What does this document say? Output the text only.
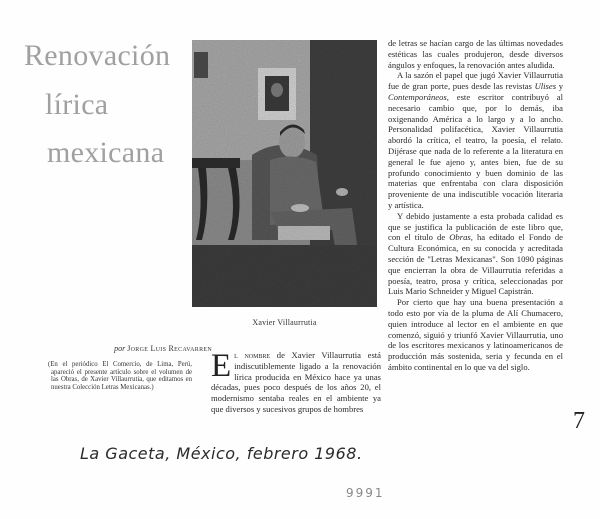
Renovación
lírica
mexicana
Xavier Villaurrutia
por Jorge Luis Recavarren

(En el periódico El Comercio, de Lima, Perú, apareció el presente artículo sobre el volumen de las Obras, de Xavier Villaurrutia, que editamos en nuestra Colección Letras Mexicanas.)

El nombre de Xavier Villaurrutia está indiscutiblemente ligado a la renovación lírica producida en México hace ya unas décadas, pues poco después de los años 20, el modernismo sentaba reales en el ambiente ya que diversos y sucesivos grupos de hombres

de letras se hacían cargo de las últimas novedades estéticas las cuales produjeron, desde diversos ángulos y enfoques, la renovación antes aludida.

A la sazón el papel que jugó Xavier Villaurrutia fue de gran porte, pues desde las revistas Ulises y Contemporáneos, este escritor contribuyó al necesario cambio que, por lo demás, iba oxigenando América a lo largo y a lo ancho. Personalidad polifacética, Xavier Villaurrutia abordó la crítica, el teatro, la poesía, el relato. Dijérase que nada de lo referente a la literatura en general le fue ajeno y, antes bien, fue de su profundo conocimiento y buen dominio de las materias que enfrentaba con clara disposición proveniente de una indiscutible vocación literaria y artística.

Y debido justamente a esta probada calidad es que se justifica la publicación de este libro que, con el título de Obras, ha editado el Fondo de Cultura Económica, en su conocida y acreditada sección de "Letras Mexicanas". Son 1090 páginas que encierran la obra de Villaurrutia referidas a poesía, teatro, prosa y crítica, seleccionadas por Luis Mario Schneider y Miguel Capistrán.

Por cierto que hay una buena presentación a todo esto por vía de la pluma de Alí Chumacero, quien introduce al lector en el ambiente en que comenzó, siguió y triunfó Xavier Villaurrutia, uno de los escritores mexicanos y latinoamericanos de producción más sostenida, seria y fecunda en el ámbito continental en lo que va del siglo.

7
La Gaceta, México, febrero 1968.
9991
